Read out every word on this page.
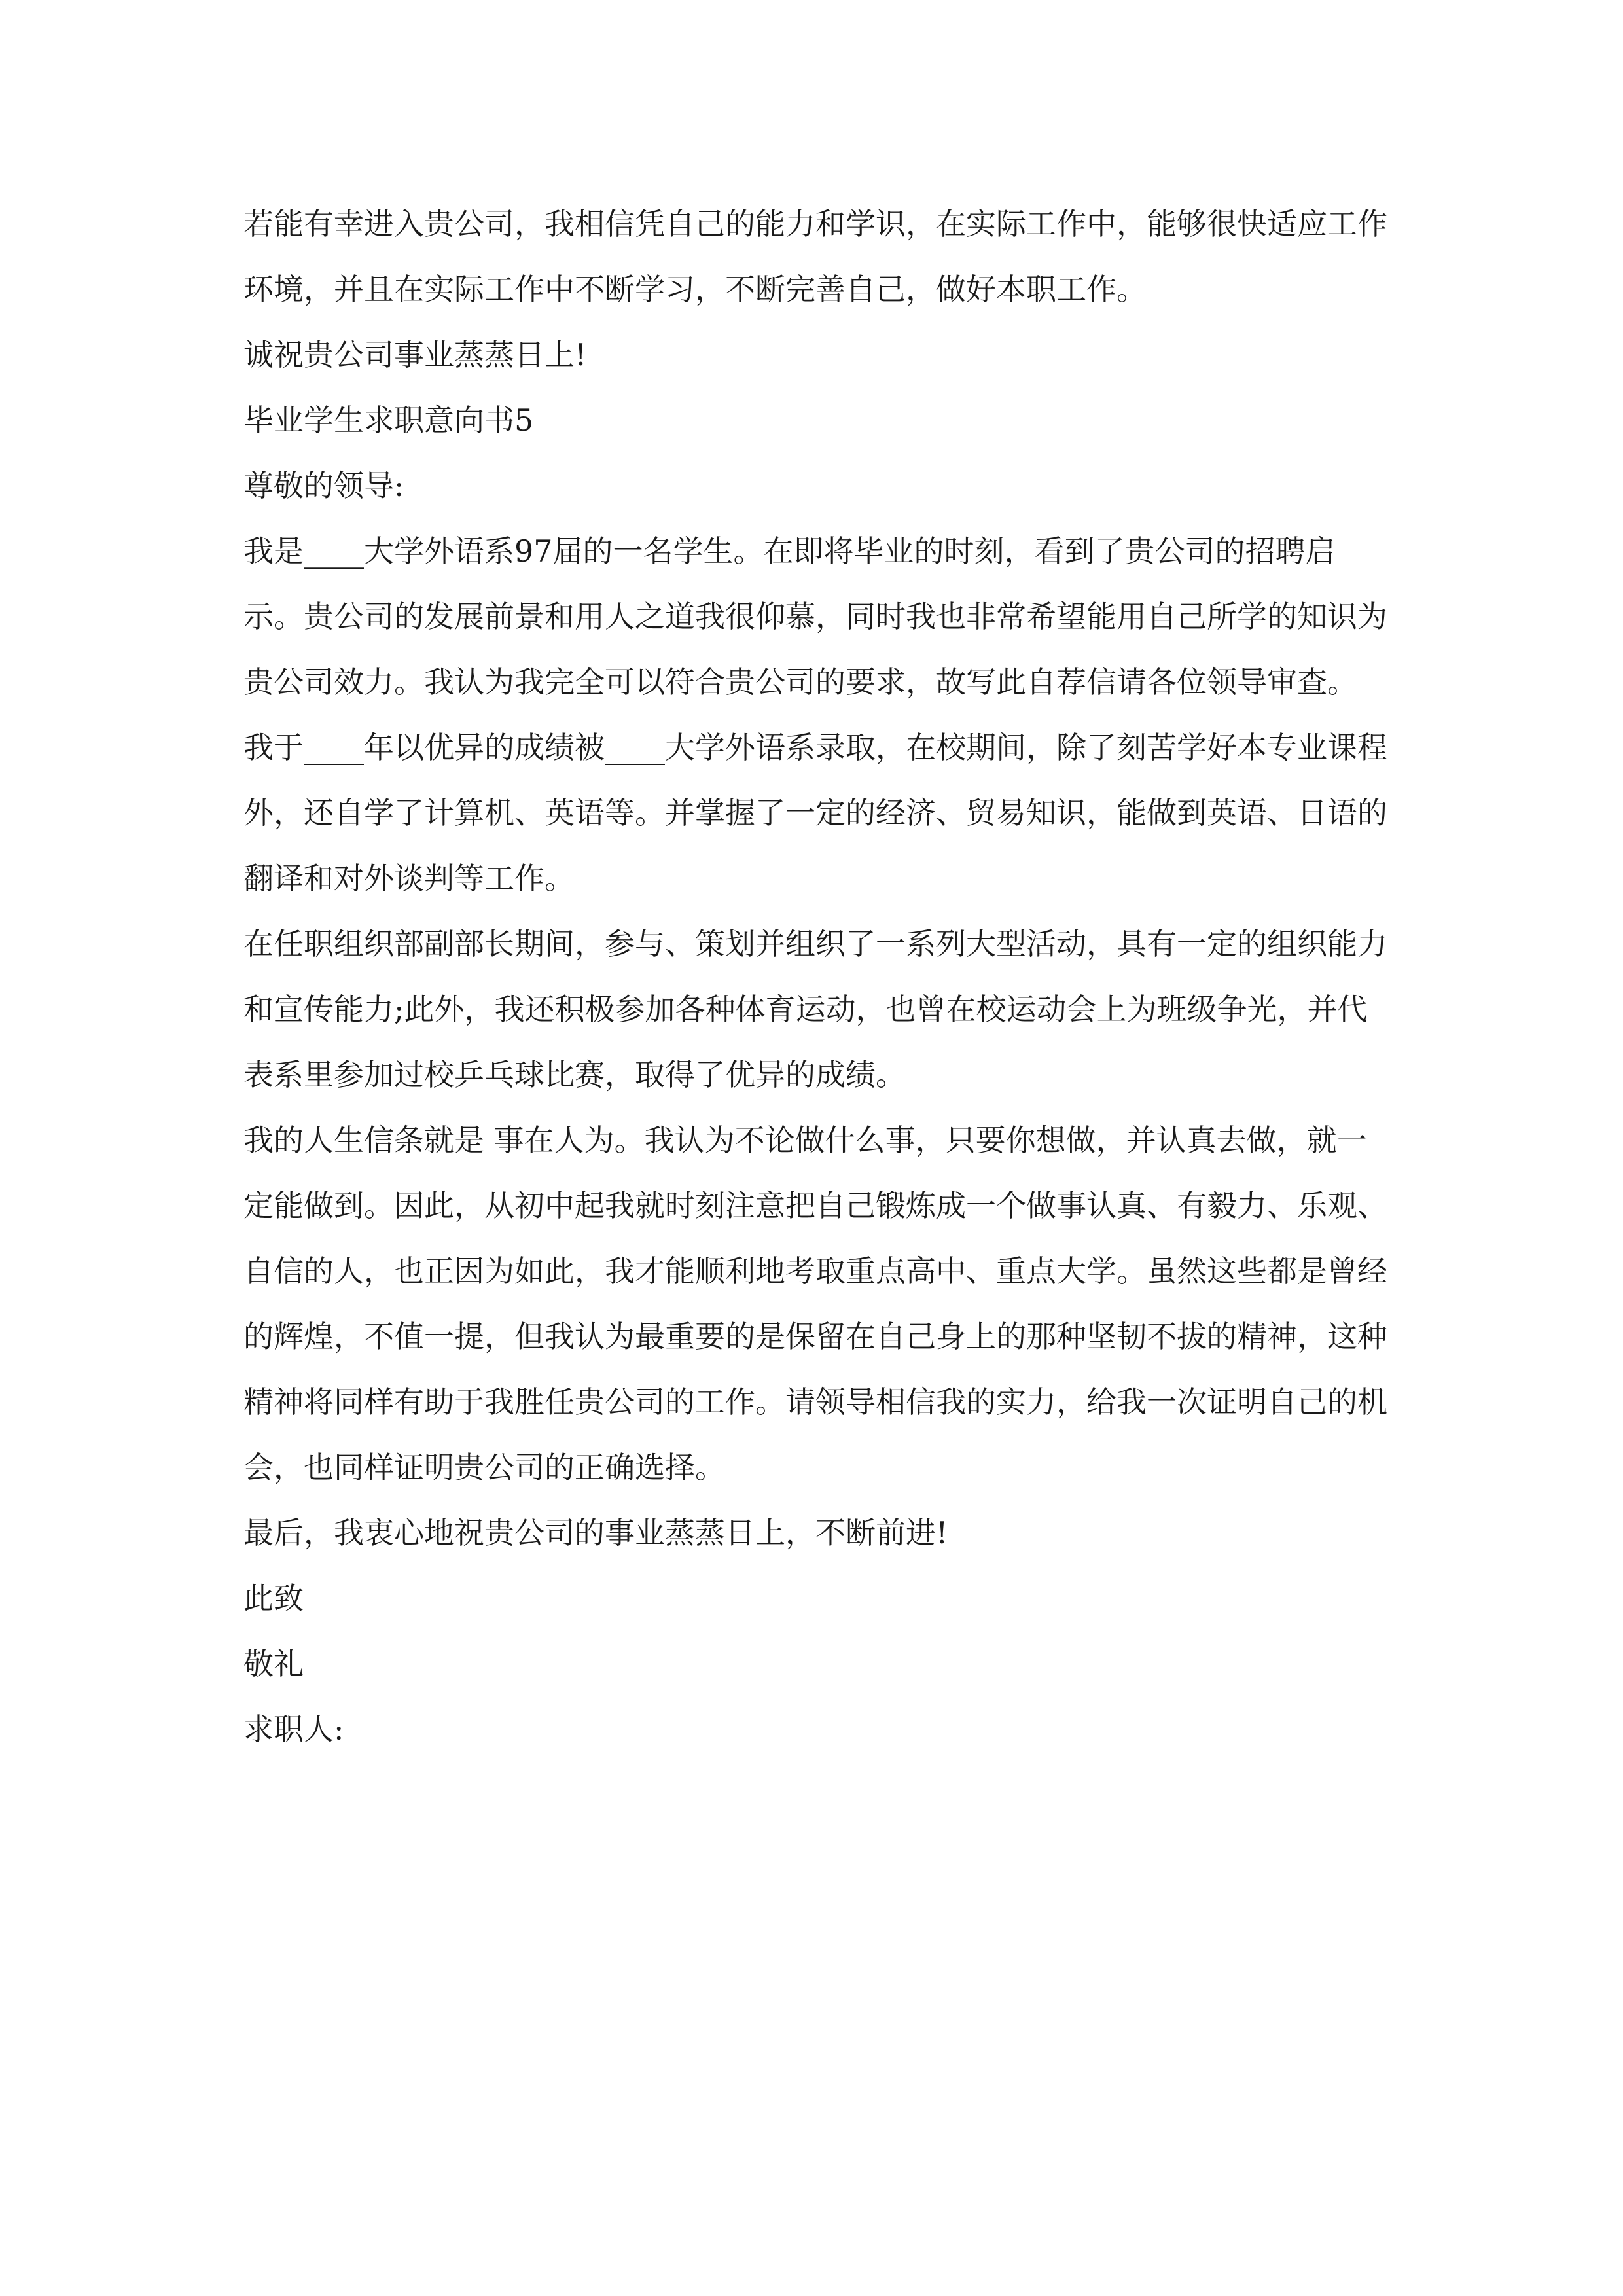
若能有幸进入贵公司，我相信凭自己的能力和学识，在实际工作中，能够很快适应工作环境，并且在实际工作中不断学习，不断完善自己，做好本职工作。

诚祝贵公司事业蒸蒸日上!

毕业学生求职意向书5

尊敬的领导:

我是____大学外语系97届的一名学生。在即将毕业的时刻，看到了贵公司的招聘启示。贵公司的发展前景和用人之道我很仰慕，同时我也非常希望能用自己所学的知识为贵公司效力。我认为我完全可以符合贵公司的要求，故写此自荐信请各位领导审查。

我于____年以优异的成绩被____大学外语系录取，在校期间，除了刻苦学好本专业课程外，还自学了计算机、英语等。并掌握了一定的经济、贸易知识，能做到英语、日语的翻译和对外谈判等工作。

在任职组织部副部长期间，参与、策划并组织了一系列大型活动，具有一定的组织能力和宣传能力;此外，我还积极参加各种体育运动，也曾在校运动会上为班级争光，并代表系里参加过校乒乓球比赛，取得了优异的成绩。

我的人生信条就是 事在人为。我认为不论做什么事，只要你想做，并认真去做，就一定能做到。因此，从初中起我就时刻注意把自己锻炼成一个做事认真、有毅力、乐观、自信的人，也正因为如此，我才能顺利地考取重点高中、重点大学。虽然这些都是曾经的辉煌，不值一提，但我认为最重要的是保留在自己身上的那种坚韧不拔的精神，这种精神将同样有助于我胜任贵公司的工作。请领导相信我的实力，给我一次证明自己的机会，也同样证明贵公司的正确选择。

最后，我衷心地祝贵公司的事业蒸蒸日上，不断前进!

此致

敬礼

求职人:
